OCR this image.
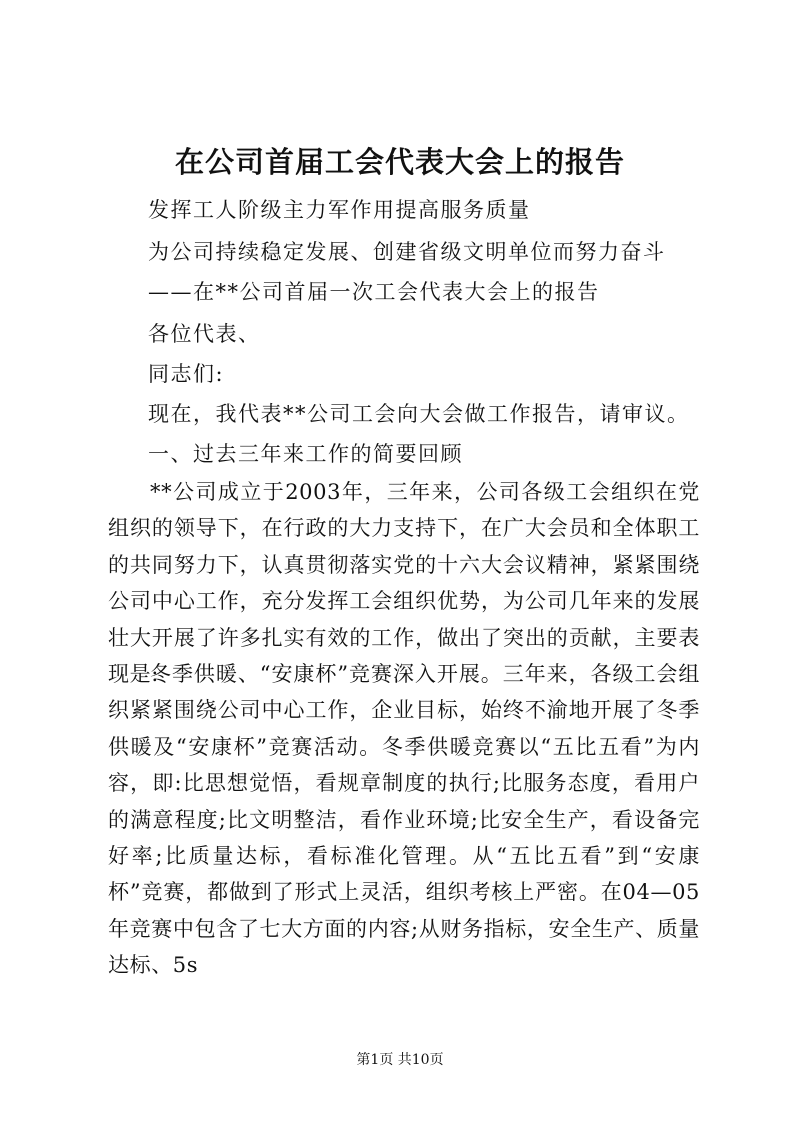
在公司首届工会代表大会上的报告
发挥工人阶级主力军作用提高服务质量
为公司持续稳定发展、创建省级文明单位而努力奋斗
——在**公司首届一次工会代表大会上的报告
各位代表、
同志们:
现在，我代表**公司工会向大会做工作报告，请审议。
一、过去三年来工作的简要回顾
**公司成立于2003年，三年来，公司各级工会组织在党组织的领导下，在行政的大力支持下，在广大会员和全体职工的共同努力下，认真贯彻落实党的十六大会议精神，紧紧围绕公司中心工作，充分发挥工会组织优势，为公司几年来的发展壮大开展了许多扎实有效的工作，做出了突出的贡献，主要表现是:
冬季供暖、“安康杯”竞赛深入开展。三年来，各级工会组织紧紧围绕公司中心工作，企业目标，始终不渝地开展了冬季供暖及“安康杯”竞赛活动。冬季供暖竞赛以“五比五看”为内容，即:比思想觉悟，看规章制度的执行;比服务态度，看用户的满意程度;比文明整洁，看作业环境;比安全生产，看设备完好率;比质量达标，看标准化管理。从“五比五看”到“安康杯”竞赛，都做到了形式上灵活，组织考核上严密。在04—05年竞赛中包含了七大方面的内容;从财务指标，安全生产、质量达标、5s
第1页 共10页
